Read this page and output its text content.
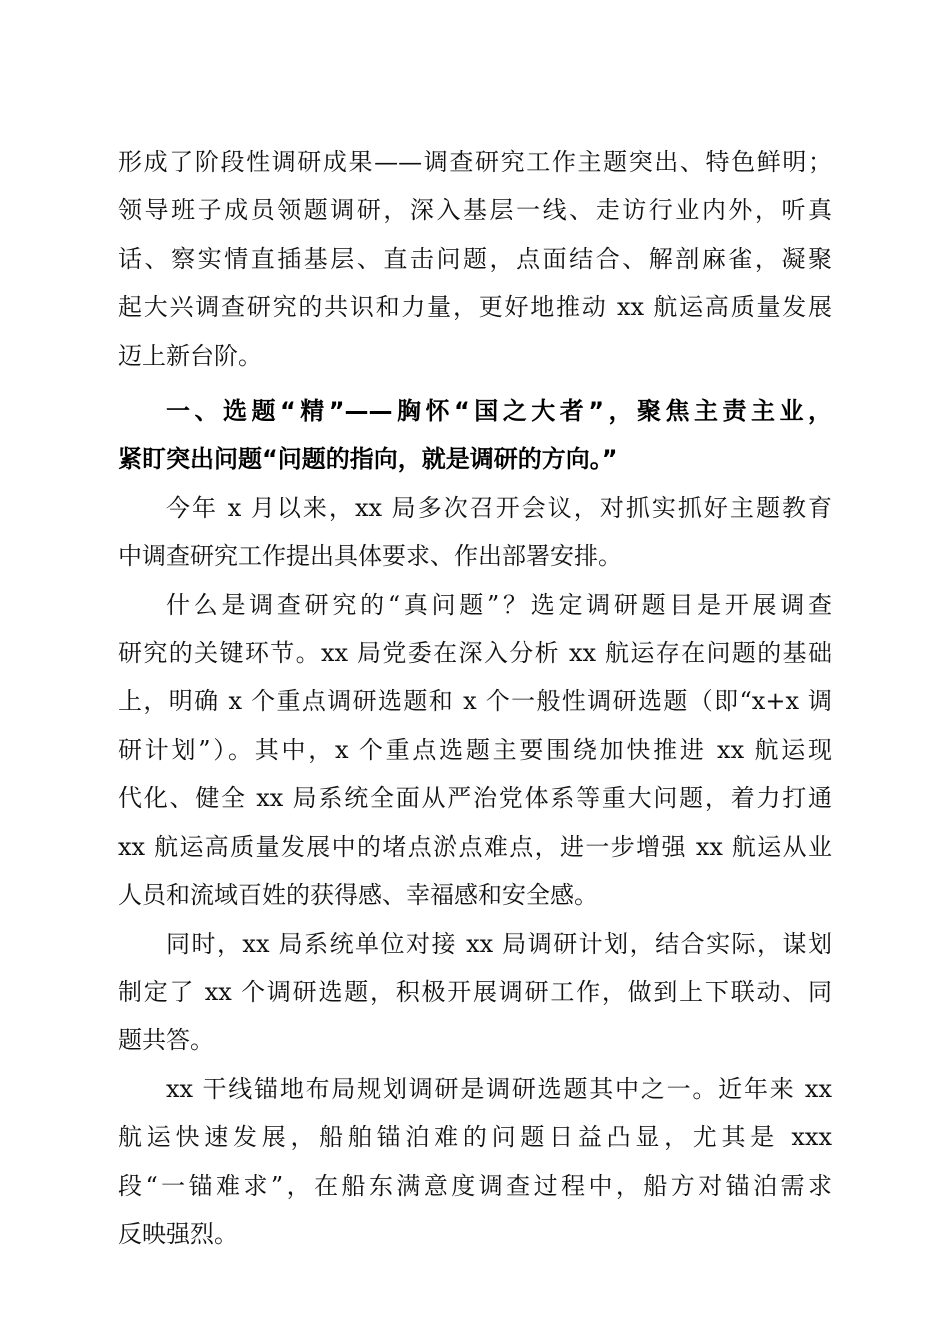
形成了阶段性调研成果——调查研究工作主题突出、特色鲜明；
领导班子成员领题调研，深入基层一线、走访行业内外，听真
话、察实情直插基层、直击问题，点面结合、解剖麻雀，凝聚
起大兴调查研究的共识和力量，更好地推动 xx 航运高质量发展
迈上新台阶。

一、选题“精”——胸怀“国之大者”，聚焦主责主业，
紧盯突出问题“问题的指向，就是调研的方向。”

今年 x 月以来，xx 局多次召开会议，对抓实抓好主题教育
中调查研究工作提出具体要求、作出部署安排。

什么是调查研究的“真问题”？选定调研题目是开展调查
研究的关键环节。xx 局党委在深入分析 xx 航运存在问题的基础
上，明确 x 个重点调研选题和 x 个一般性调研选题（即“x+x 调
研计划”）。其中，x 个重点选题主要围绕加快推进 xx 航运现
代化、健全 xx 局系统全面从严治党体系等重大问题，着力打通
xx 航运高质量发展中的堵点淤点难点，进一步增强 xx 航运从业
人员和流域百姓的获得感、幸福感和安全感。

同时，xx 局系统单位对接 xx 局调研计划，结合实际，谋划
制定了 xx 个调研选题，积极开展调研工作，做到上下联动、同
题共答。

xx 干线锚地布局规划调研是调研选题其中之一。近年来 xx
航运快速发展，船舶锚泊难的问题日益凸显，尤其是 xxx
段“一锚难求”，在船东满意度调查过程中，船方对锚泊需求
反映强烈。
